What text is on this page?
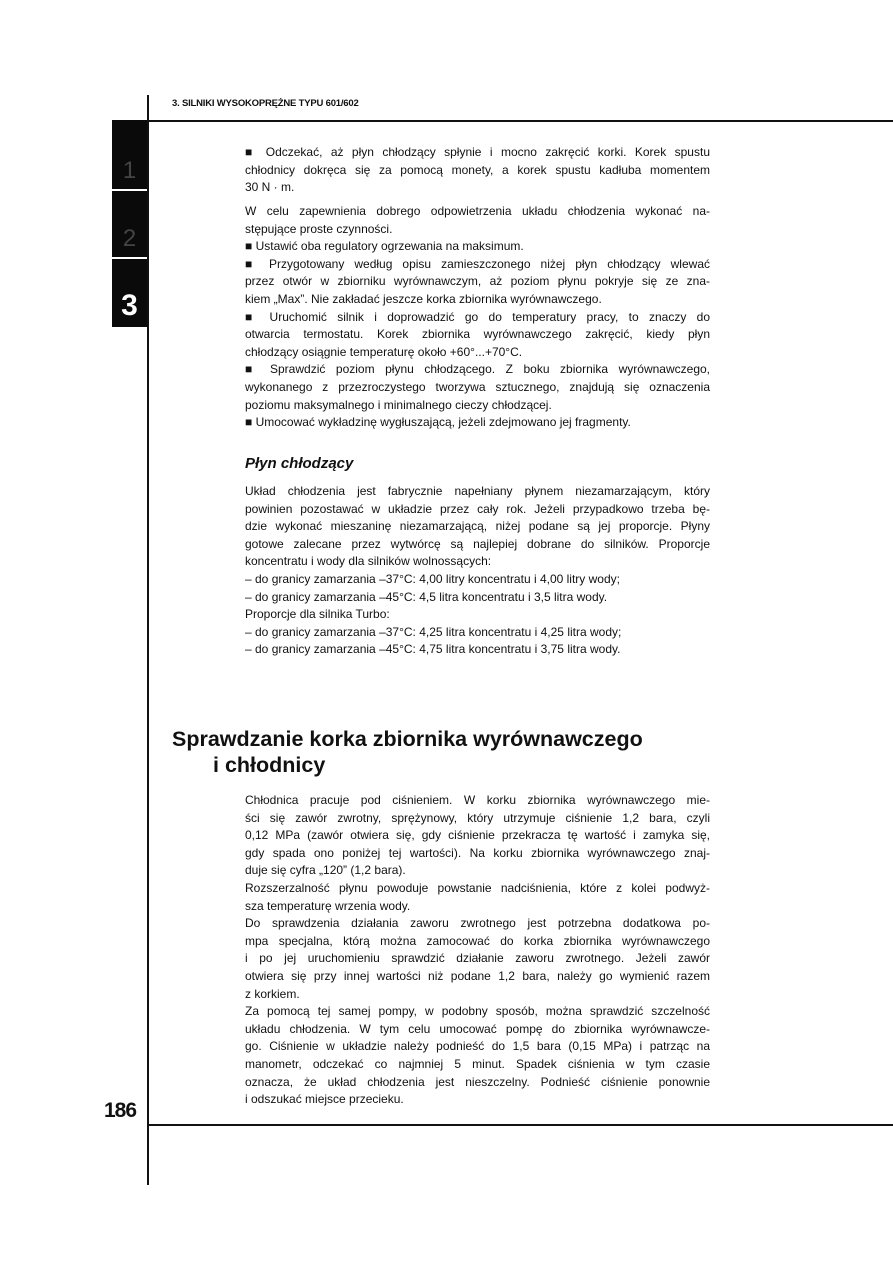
3. SILNIKI WYSOKOPRĘŻNE TYPU 601/602
1
2
3
■ Odczekać, aż płyn chłodzący spłynie i mocno zakręcić korki. Korek spustu
chłodnicy dokręca się za pomocą monety, a korek spustu kadłuba momentem
30 N · m.
W celu zapewnienia dobrego odpowietrzenia układu chłodzenia wykonać na-
stępujące proste czynności.
■ Ustawić oba regulatory ogrzewania na maksimum.
■ Przygotowany według opisu zamieszczonego niżej płyn chłodzący wlewać
przez otwór w zbiorniku wyrównawczym, aż poziom płynu pokryje się ze zna-
kiem „Max”. Nie zakładać jeszcze korka zbiornika wyrównawczego.
■ Uruchomić silnik i doprowadzić go do temperatury pracy, to znaczy do
otwarcia termostatu. Korek zbiornika wyrównawczego zakręcić, kiedy płyn
chłodzący osiągnie temperaturę około +60°...+70°C.
■ Sprawdzić poziom płynu chłodzącego. Z boku zbiornika wyrównawczego,
wykonanego z przezroczystego tworzywa sztucznego, znajdują się oznaczenia
poziomu maksymalnego i minimalnego cieczy chłodzącej.
■ Umocować wykładzinę wygłuszającą, jeżeli zdejmowano jej fragmenty.
Płyn chłodzący
Układ chłodzenia jest fabrycznie napełniany płynem niezamarzającym, który
powinien pozostawać w układzie przez cały rok. Jeżeli przypadkowo trzeba bę-
dzie wykonać mieszaninę niezamarzającą, niżej podane są jej proporcje. Płyny
gotowe zalecane przez wytwórcę są najlepiej dobrane do silników. Proporcje
koncentratu i wody dla silników wolnossących:
– do granicy zamarzania –37°C: 4,00 litry koncentratu i 4,00 litry wody;
– do granicy zamarzania –45°C: 4,5 litra koncentratu i 3,5 litra wody.
Proporcje dla silnika Turbo:
– do granicy zamarzania –37°C: 4,25 litra koncentratu i 4,25 litra wody;
– do granicy zamarzania –45°C: 4,75 litra koncentratu i 3,75 litra wody.
Sprawdzanie korka zbiornika wyrównawczego
i chłodnicy
Chłodnica pracuje pod ciśnieniem. W korku zbiornika wyrównawczego mie-
ści się zawór zwrotny, sprężynowy, który utrzymuje ciśnienie 1,2 bara, czyli
0,12 MPa (zawór otwiera się, gdy ciśnienie przekracza tę wartość i zamyka się,
gdy spada ono poniżej tej wartości). Na korku zbiornika wyrównawczego znaj-
duje się cyfra „120” (1,2 bara).
Rozszerzalność płynu powoduje powstanie nadciśnienia, które z kolei podwyż-
sza temperaturę wrzenia wody.
Do sprawdzenia działania zaworu zwrotnego jest potrzebna dodatkowa po-
mpa specjalna, którą można zamocować do korka zbiornika wyrównawczego
i po jej uruchomieniu sprawdzić działanie zaworu zwrotnego. Jeżeli zawór
otwiera się przy innej wartości niż podane 1,2 bara, należy go wymienić razem
z korkiem.
Za pomocą tej samej pompy, w podobny sposób, można sprawdzić szczelność
układu chłodzenia. W tym celu umocować pompę do zbiornika wyrównawcze-
go. Ciśnienie w układzie należy podnieść do 1,5 bara (0,15 MPa) i patrząc na
manometr, odczekać co najmniej 5 minut. Spadek ciśnienia w tym czasie
oznacza, że układ chłodzenia jest nieszczelny. Podnieść ciśnienie ponownie
i odszukać miejsce przecieku.
186
